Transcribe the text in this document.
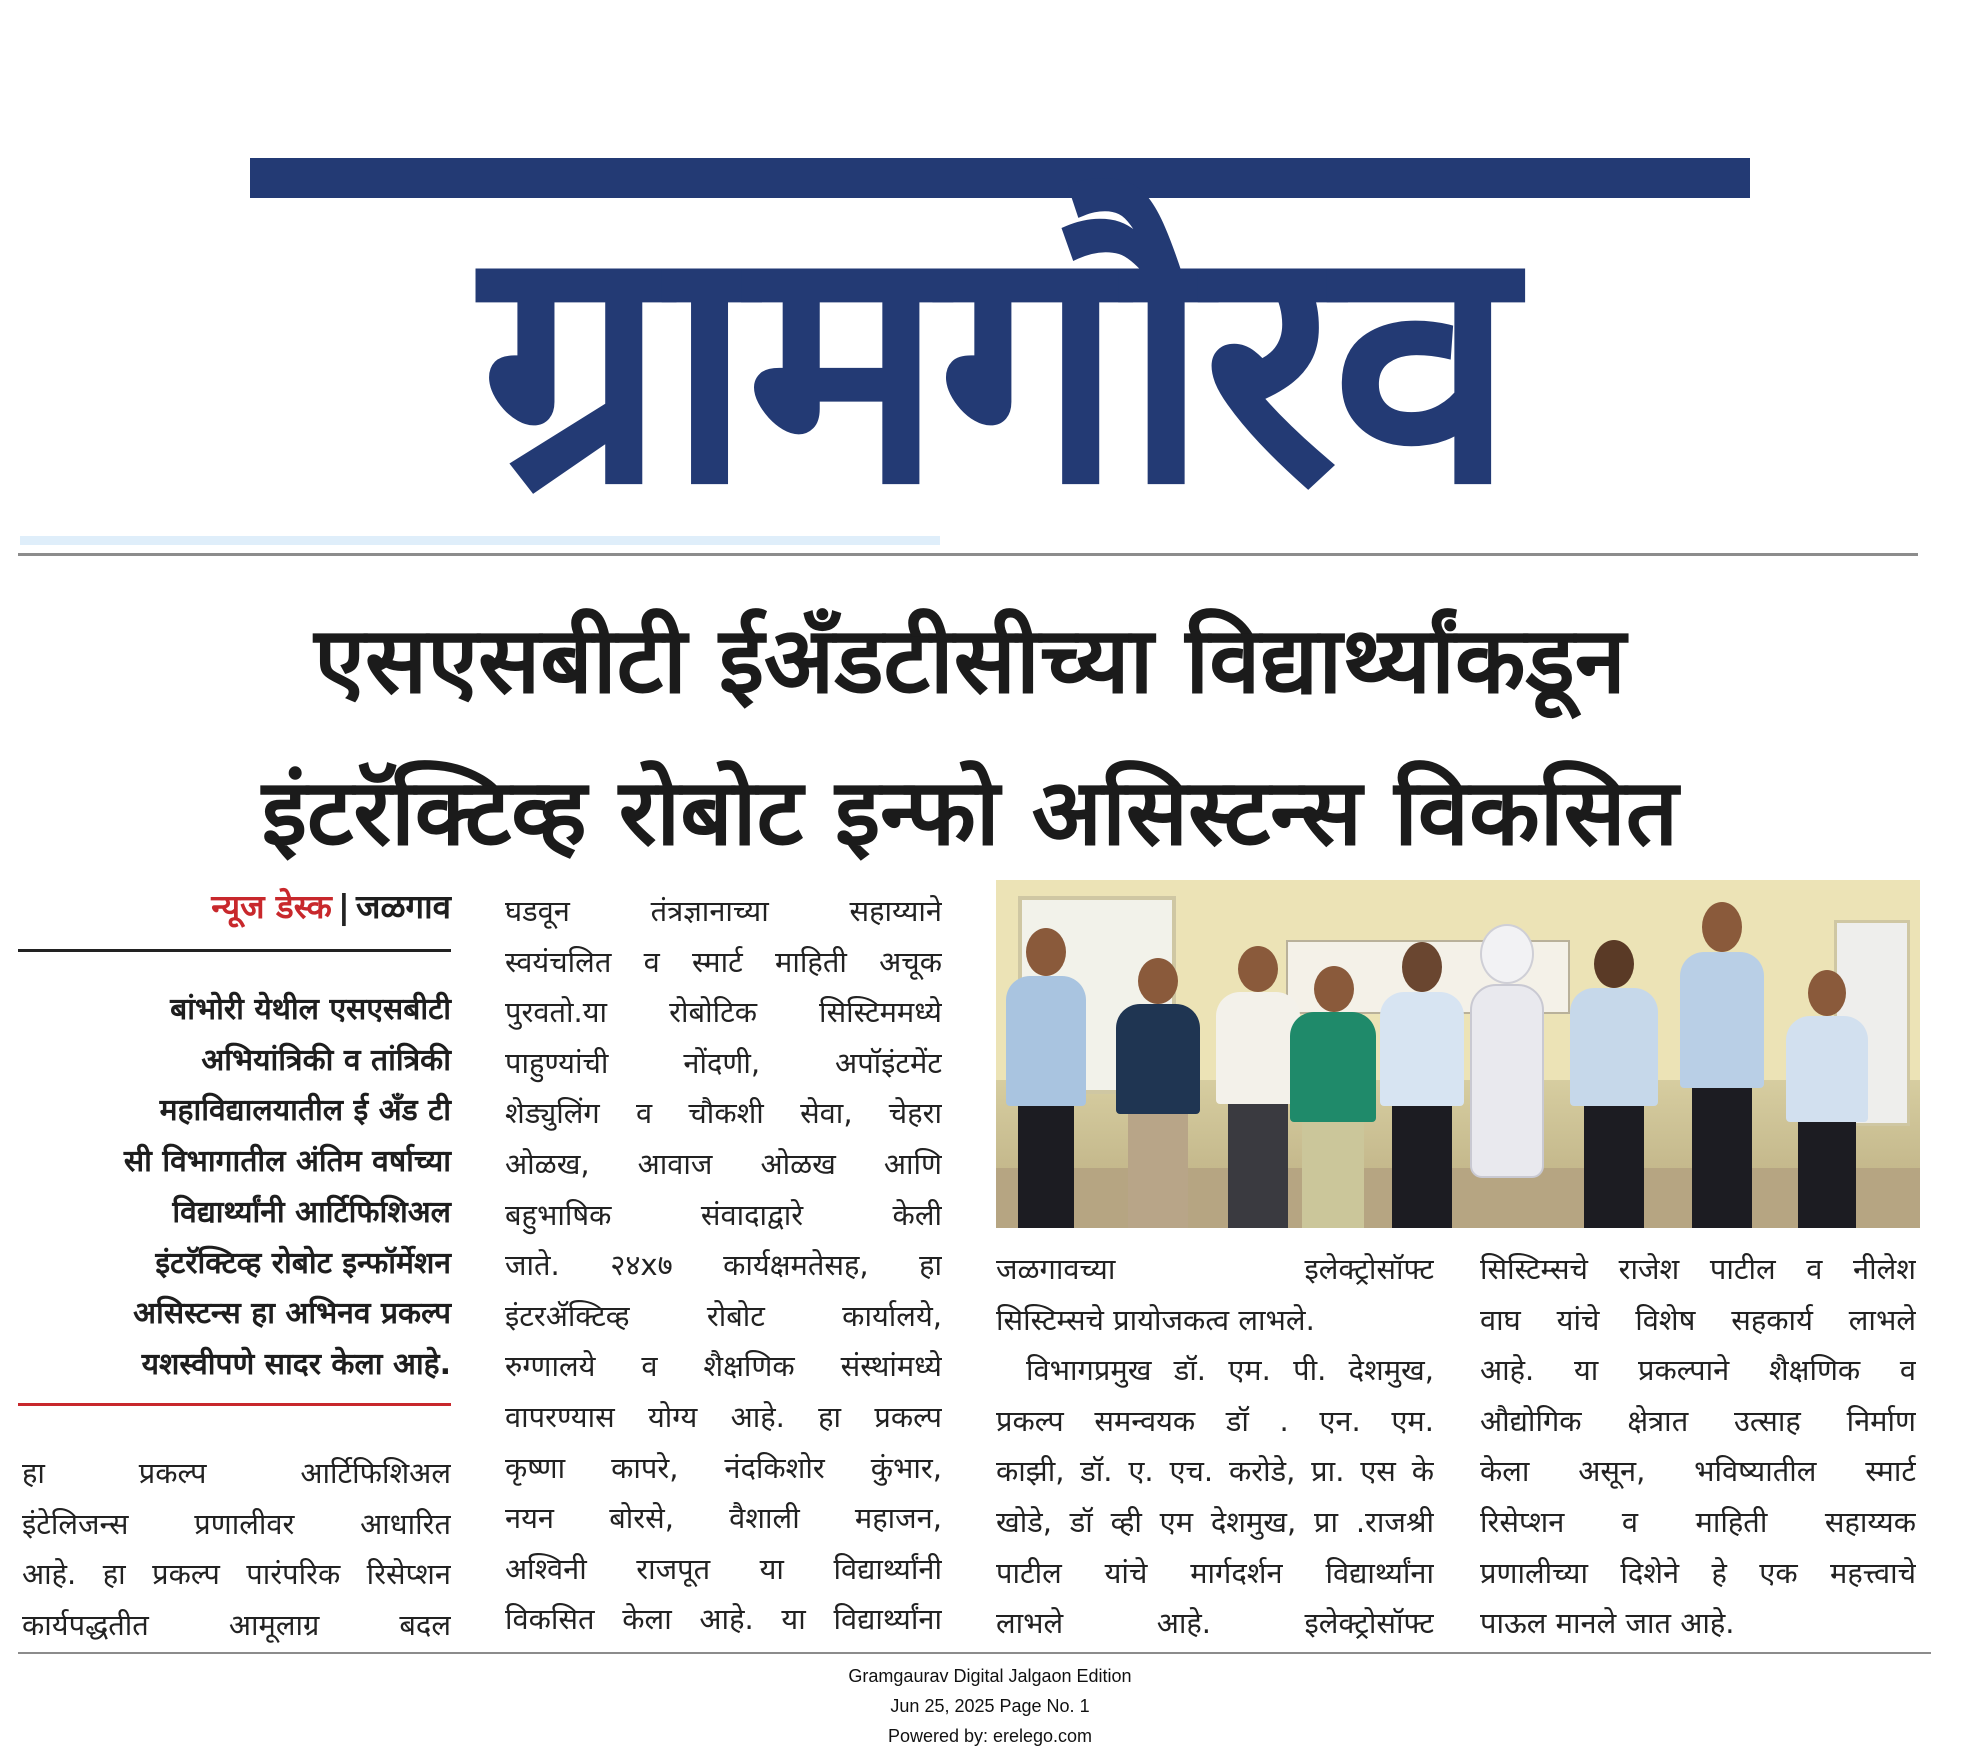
ग्रामगौरव
एसएसबीटी ईअँडटीसीच्या विद्यार्थ्यांकडून
इंटरॅक्टिव्ह रोबोट इन्फो असिस्टन्स विकसित
न्यूज डेस्क | जळगाव
बांभोरी येथील एसएसबीटी
अभियांत्रिकी व तांत्रिकी
महाविद्यालयातील ई अँड टी
सी विभागातील अंतिम वर्षाच्या
विद्यार्थ्यांनी आर्टिफिशिअल
इंटरॅक्टिव्ह रोबोट इन्फॉर्मेशन
असिस्टन्स हा अभिनव प्रकल्प
यशस्वीपणे सादर केला आहे.
हा प्रकल्प आर्टिफिशिअल
इंटेलिजन्स प्रणालीवर आधारित
आहे. हा प्रकल्प पारंपरिक रिसेप्शन
कार्यपद्धतीत आमूलाग्र बदल
घडवून तंत्रज्ञानाच्या सहाय्याने
स्वयंचलित व स्मार्ट माहिती अचूक
पुरवतो.या रोबोटिक सिस्टिममध्ये
पाहुण्यांची नोंदणी, अपॉइंटमेंट
शेड्युलिंग व चौकशी सेवा, चेहरा
ओळख, आवाज ओळख आणि
बहुभाषिक संवादाद्वारे केली
जाते. २४x७ कार्यक्षमतेसह, हा
इंटरॲक्टिव्ह रोबोट कार्यालये,
रुग्णालये व शैक्षणिक संस्थांमध्ये
वापरण्यास योग्य आहे. हा प्रकल्प
कृष्णा कापरे, नंदकिशोर कुंभार,
नयन बोरसे, वैशाली महाजन,
अश्विनी राजपूत या विद्यार्थ्यांनी
विकसित केला आहे. या विद्यार्थ्यांना
जळगावच्या इलेक्ट्रोसॉफ्ट
सिस्टिम्सचे प्रायोजकत्व लाभले.
विभागप्रमुख डॉ. एम. पी. देशमुख,
प्रकल्प समन्वयक डॉ . एन. एम.
काझी, डॉ. ए. एच. करोडे, प्रा. एस के
खोडे, डॉ व्ही एम देशमुख, प्रा .राजश्री
पाटील यांचे मार्गदर्शन विद्यार्थ्यांना
लाभले आहे. इलेक्ट्रोसॉफ्ट
सिस्टिम्सचे राजेश पाटील व नीलेश
वाघ यांचे विशेष सहकार्य लाभले
आहे. या प्रकल्पाने शैक्षणिक व
औद्योगिक क्षेत्रात उत्साह निर्माण
केला असून, भविष्यातील स्मार्ट
रिसेप्शन व माहिती सहाय्यक
प्रणालीच्या दिशेने हे एक महत्त्वाचे
पाऊल मानले जात आहे.
Gramgaurav Digital Jalgaon Edition
Jun 25, 2025 Page No. 1
Powered by: erelego.com
